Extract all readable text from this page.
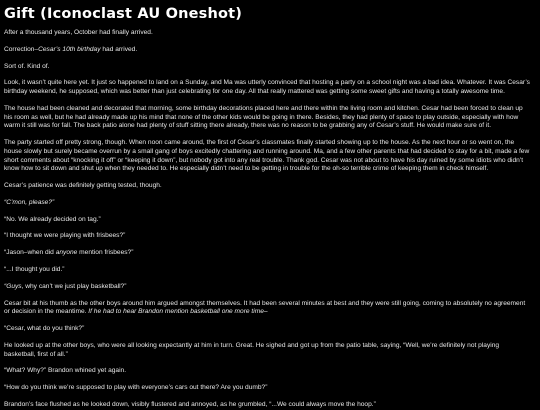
Gift (Iconoclast AU Oneshot)

After a thousand years, October had finally arrived.

Correction–Cesar’s 10th birthday had arrived.

Sort of. Kind of.

Look, it wasn’t quite here yet. It just so happened to land on a Sunday, and Ma was utterly convinced that hosting a party on a school night was a bad idea. Whatever. It was Cesar’s birthday weekend, he supposed, which was better than just celebrating for one day. All that really mattered was getting some sweet gifts and having a totally awesome time.

The house had been cleaned and decorated that morning, some birthday decorations placed here and there within the living room and kitchen. Cesar had been forced to clean up his room as well, but he had already made up his mind that none of the other kids would be going in there. Besides, they had plenty of space to play outside, especially with how warm it still was for fall. The back patio alone had plenty of stuff sitting there already, there was no reason to be grabbing any of Cesar’s stuff. He would make sure of it.

The party started off pretty strong, though. When noon came around, the first of Cesar’s classmates finally started showing up to the house. As the next hour or so went on, the house slowly but surely became overrun by a small gang of boys excitedly chattering and running around. Ma, and a few other parents that had decided to stay for a bit, made a few short comments about “knocking it off” or “keeping it down”, but nobody got into any real trouble. Thank god. Cesar was not about to have his day ruined by some idiots who didn’t know how to sit down and shut up when they needed to. He especially didn’t need to be getting in trouble for the oh-so terrible crime of keeping them in check himself.

Cesar’s patience was definitely getting tested, though.

“C’mon, please?”

“No. We already decided on tag.”

“I thought we were playing with frisbees?”

“Jason–when did anyone mention frisbees?”

“...I thought you did.”

“Guys, why can’t we just play basketball?”

Cesar bit at his thumb as the other boys around him argued amongst themselves. It had been several minutes at best and they were still going, coming to absolutely no agreement or decision in the meantime. If he had to hear Brandon mention basketball one more time–

“Cesar, what do you think?”

He looked up at the other boys, who were all looking expectantly at him in turn. Great. He sighed and got up from the patio table, saying, “Well, we’re definitely not playing basketball, first of all.”

“What? Why?” Brandon whined yet again.

“How do you think we’re supposed to play with everyone’s cars out there? Are you dumb?”

Brandon’s face flushed as he looked down, visibly flustered and annoyed, as he grumbled, “...We could always move the hoop.”
